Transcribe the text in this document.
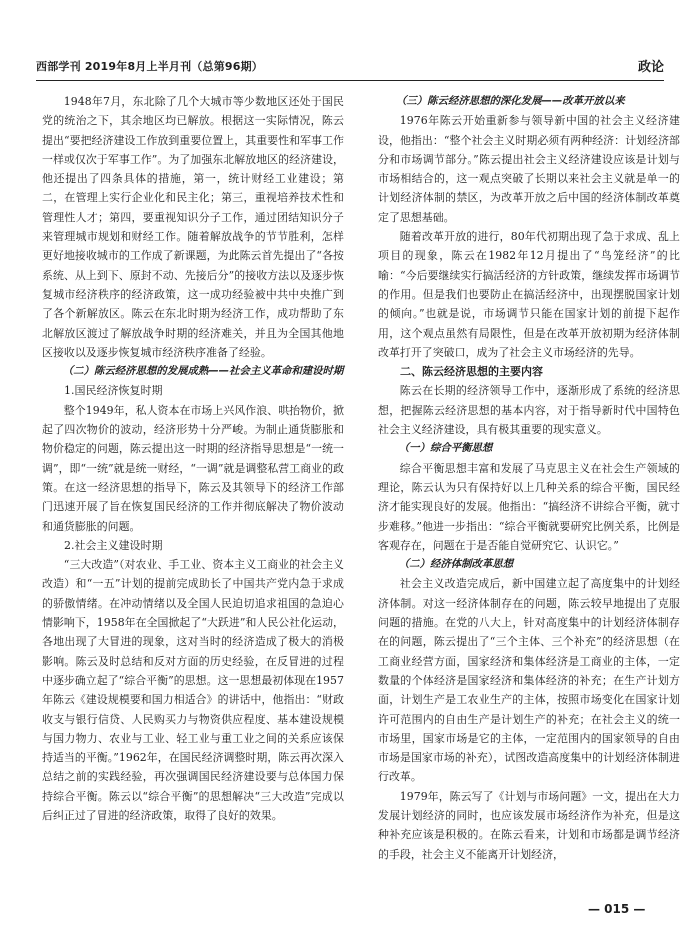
西部学刊 2019年8月上半月刊（总第96期）	政论

1948年7月，东北除了几个大城市等少数地区还处于国民党的统治之下，其余地区均已解放。根据这一实际情况，陈云提出“要把经济建设工作放到重要位置上，其重要性和军事工作一样或仅次于军事工作”。为了加强东北解放地区的经济建设，他还提出了四条具体的措施，第一，统计财经工业建设；第二，在管理上实行企业化和民主化；第三，重视培养技术性和管理性人才；第四，要重视知识分子工作，通过团结知识分子来管理城市规划和财经工作。随着解放战争的节节胜利，怎样更好地接收城市的工作成了新课题，为此陈云首先提出了“各按系统、从上到下、原封不动、先接后分”的接收方法以及逐步恢复城市经济秩序的经济政策，这一成功经验被中共中央推广到了各个新解放区。陈云在东北时期为经济工作，成功帮助了东北解放区渡过了解放战争时期的经济难关，并且为全国其他地区接收以及逐步恢复城市经济秩序准备了经验。

（二）陈云经济思想的发展成熟——社会主义革命和建设时期

1.国民经济恢复时期

整个1949年，私人资本在市场上兴风作浪、哄抬物价，掀起了四次物价的波动，经济形势十分严峻。为制止通货膨胀和物价稳定的问题，陈云提出这一时期的经济指导思想是“一统一调”，即“一统”就是统一财经，“一调”就是调整私营工商业的政策。在这一经济思想的指导下，陈云及其领导下的经济工作部门迅速开展了旨在恢复国民经济的工作并彻底解决了物价波动和通货膨胀的问题。

2.社会主义建设时期

“三大改造”（对农业、手工业、资本主义工商业的社会主义改造）和“一五”计划的提前完成助长了中国共产党内急于求成的骄傲情绪。在冲动情绪以及全国人民迫切追求祖国的急迫心情影响下，1958年在全国掀起了“大跃进”和人民公社化运动，各地出现了大冒进的现象，这对当时的经济造成了极大的消极影响。陈云及时总结和反对方面的历史经验，在反冒进的过程中逐步确立起了“综合平衡”的思想。这一思想最初体现在1957年陈云《建设规模要和国力相适合》的讲话中，他指出：“财政收支与银行信贷、人民购买力与物资供应程度、基本建设规模与国力物力、农业与工业、轻工业与重工业之间的关系应该保持适当的平衡。”1962年，在国民经济调整时期，陈云再次深入总结之前的实践经验，再次强调国民经济建设要与总体国力保持综合平衡。陈云以“综合平衡”的思想解决“三大改造”完成以后纠正过了冒进的经济政策，取得了良好的效果。

（三）陈云经济思想的深化发展——改革开放以来

1976年陈云开始重新参与领导新中国的社会主义经济建设，他指出：“整个社会主义时期必须有两种经济：计划经济部分和市场调节部分。”陈云提出社会主义经济建设应该是计划与市场相结合的，这一观点突破了长期以来社会主义就是单一的计划经济体制的禁区，为改革开放之后中国的经济体制改革奠定了思想基础。

随着改革开放的进行，80年代初期出现了急于求成、乱上项目的现象，陈云在1982年12月提出了“鸟笼经济”的比喻：“今后要继续实行搞活经济的方针政策，继续发挥市场调节的作用。但是我们也要防止在搞活经济中，出现摆脱国家计划的倾向。”也就是说，市场调节只能在国家计划的前提下起作用，这个观点虽然有局限性，但是在改革开放初期为经济体制改革打开了突破口，成为了社会主义市场经济的先导。

二、陈云经济思想的主要内容

陈云在长期的经济领导工作中，逐渐形成了系统的经济思想，把握陈云经济思想的基本内容，对于指导新时代中国特色社会主义经济建设，具有极其重要的现实意义。

（一）综合平衡思想

综合平衡思想丰富和发展了马克思主义在社会生产领域的理论，陈云认为只有保持好以上几种关系的综合平衡，国民经济才能实现良好的发展。他指出：“搞经济不讲综合平衡，就寸步难移。”他进一步指出：“综合平衡就要研究比例关系，比例是客观存在，问题在于是否能自觉研究它、认识它。”

（二）经济体制改革思想

社会主义改造完成后，新中国建立起了高度集中的计划经济体制。对这一经济体制存在的问题，陈云较早地提出了克服问题的措施。在党的八大上，针对高度集中的计划经济体制存在的问题，陈云提出了“三个主体、三个补充”的经济思想（在工商业经营方面，国家经济和集体经济是工商业的主体，一定数量的个体经济是国家经济和集体经济的补充；在生产计划方面，计划生产是工农业生产的主体，按照市场变化在国家计划许可范围内的自由生产是计划生产的补充；在社会主义的统一市场里，国家市场是它的主体，一定范围内的国家领导的自由市场是国家市场的补充），试图改造高度集中的计划经济体制进行改革。

1979年，陈云写了《计划与市场问题》一文，提出在大力发展计划经济的同时，也应该发展市场经济作为补充，但是这种补充应该是积极的。在陈云看来，计划和市场都是调节经济的手段，社会主义不能离开计划经济，

— 015 —
